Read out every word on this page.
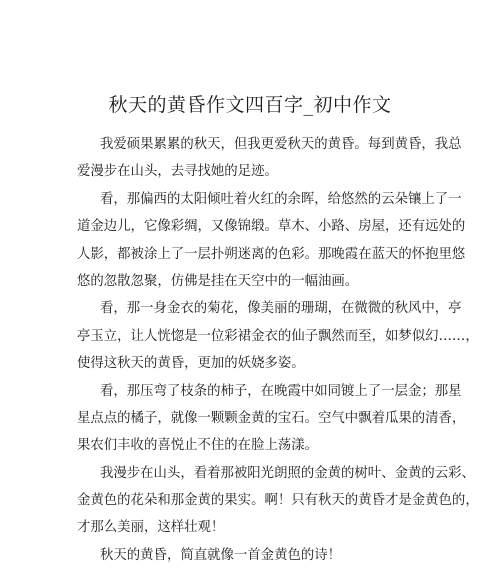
秋天的黄昏作文四百字_初中作文
我爱硕果累累的秋天，但我更爱秋天的黄昏。每到黄昏，我总
爱漫步在山头，去寻找她的足迹。
看，那偏西的太阳倾吐着火红的余晖，给悠然的云朵镶上了一
道金边儿，它像彩绸，又像锦缎。草木、小路、房屋，还有远处的
人影，都被涂上了一层扑朔迷离的色彩。那晚霞在蓝天的怀抱里悠
悠的忽散忽聚，仿佛是挂在天空中的一幅油画。
看，那一身金衣的菊花，像美丽的珊瑚，在微微的秋风中，亭
亭玉立，让人恍惚是一位彩裙金衣的仙子飘然而至，如梦似幻……，
使得这秋天的黄昏，更加的妖娆多姿。
看，那压弯了枝条的柿子，在晚霞中如同镀上了一层金；那星
星点点的橘子，就像一颗颗金黄的宝石。空气中飘着瓜果的清香，
果农们丰收的喜悦止不住的在脸上荡漾。
我漫步在山头，看着那被阳光朗照的金黄的树叶、金黄的云彩、
金黄色的花朵和那金黄的果实。啊！只有秋天的黄昏才是金黄色的，
才那么美丽，这样壮观！
秋天的黄昏，简直就像一首金黄色的诗！
